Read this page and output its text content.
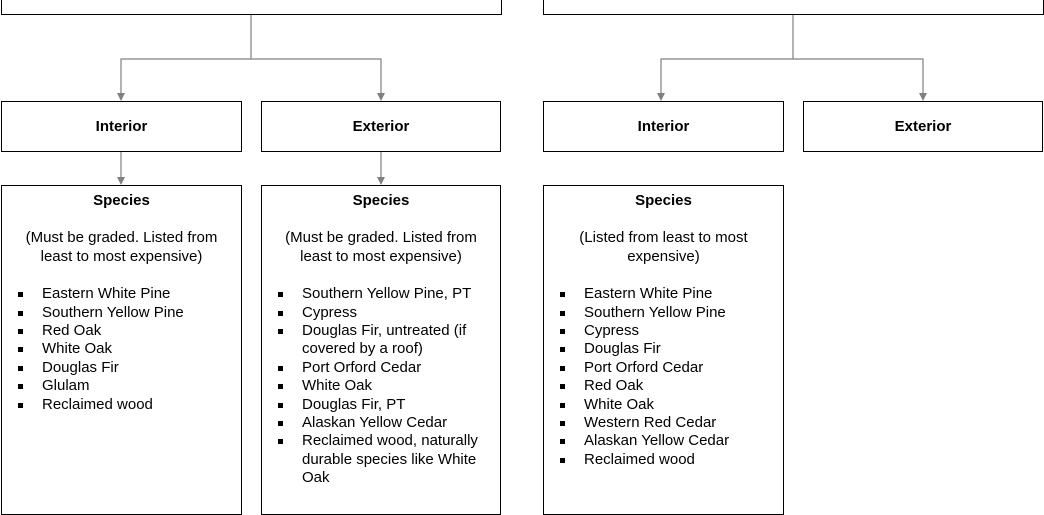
Interior	Exterior	Interior	Exterior
Species
(Must be graded. Listed from least to most expensive)
Eastern White Pine
Southern Yellow Pine
Red Oak
White Oak
Douglas Fir
Glulam
Reclaimed wood
Species
(Must be graded. Listed from least to most expensive)
Southern Yellow Pine, PT
Cypress
Douglas Fir, untreated (if covered by a roof)
Port Orford Cedar
White Oak
Douglas Fir, PT
Alaskan Yellow Cedar
Reclaimed wood, naturally durable species like White Oak
Species
(Listed from least to most expensive)
Eastern White Pine
Southern Yellow Pine
Cypress
Douglas Fir
Port Orford Cedar
Red Oak
White Oak
Western Red Cedar
Alaskan Yellow Cedar
Reclaimed wood
